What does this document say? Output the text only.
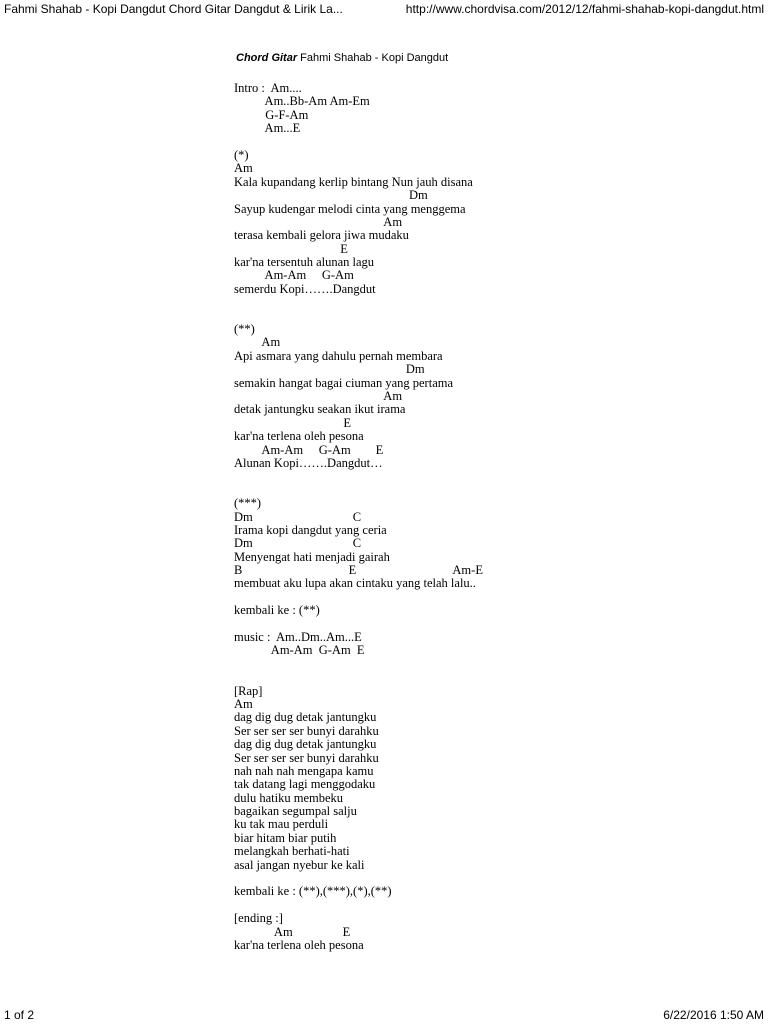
Fahmi Shahab - Kopi Dangdut Chord Gitar Dangdut & Lirik La...	http://www.chordvisa.com/2012/12/fahmi-shahab-kopi-dangdut.html
Chord Gitar Fahmi Shahab - Kopi Dangdut
Intro :  Am....
Am..Bb-Am Am-Em
G-F-Am
Am...E
(*)
Am
Kala kupandang kerlip bintang Nun jauh disana
Dm
Sayup kudengar melodi cinta yang menggema
Am
terasa kembali gelora jiwa mudaku
E
kar'na tersentuh alunan lagu
Am-Am     G-Am
semerdu Kopi…….Dangdut
(**)
Am
Api asmara yang dahulu pernah membara
Dm
semakin hangat bagai ciuman yang pertama
Am
detak jantungku seakan ikut irama
E
kar'na terlena oleh pesona
Am-Am     G-Am        E
Alunan Kopi…….Dangdut…
(***)
Dm                                C
Irama kopi dangdut yang ceria
Dm                                C
Menyengat hati menjadi gairah
B                                  E                               Am-E
membuat aku lupa akan cintaku yang telah lalu..
kembali ke : (**)
music :  Am..Dm..Am...E
Am-Am  G-Am  E
[Rap]
Am
dag dig dug detak jantungku
Ser ser ser ser bunyi darahku
dag dig dug detak jantungku
Ser ser ser ser bunyi darahku
nah nah nah mengapa kamu
tak datang lagi menggodaku
dulu hatiku membeku
bagaikan segumpal salju
ku tak mau perduli
biar hitam biar putih
melangkah berhati-hati
asal jangan nyebur ke kali
kembali ke : (**),(***),(*),(**)
[ending :]
Am                E
kar'na terlena oleh pesona
1 of 2	6/22/2016 1:50 AM
